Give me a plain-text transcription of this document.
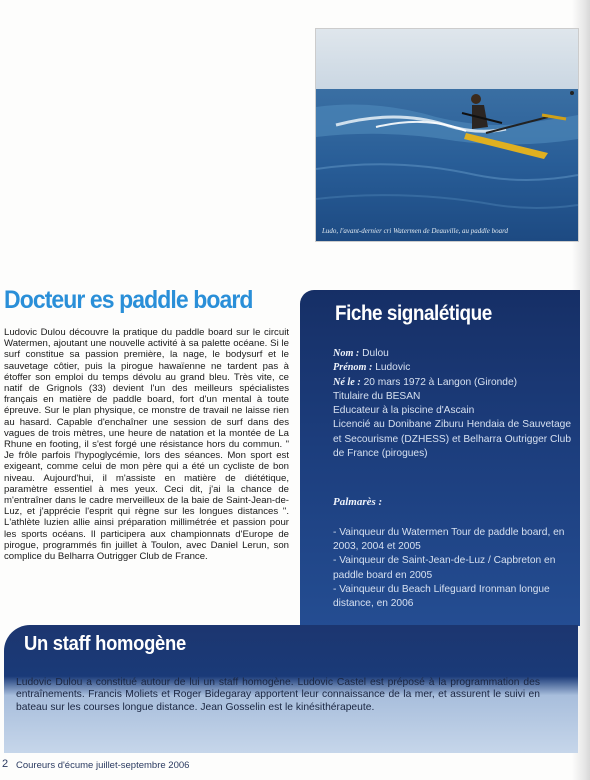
Ludo, l'avant-dernier cri Watermen de Deauville, au paddle board
Docteur es paddle board
Ludovic Dulou découvre la pratique du paddle board sur le circuit Watermen, ajoutant une nouvelle activité à sa palette océane. Si le surf constitue sa passion première, la nage, le bodysurf et le sauvetage côtier, puis la pirogue hawaïenne ne tardent pas à étoffer son emploi du temps dévolu au grand bleu. Très vite, ce natif de Grignols (33) devient l'un des meilleurs spécialistes français en matière de paddle board, fort d'un mental à toute épreuve. Sur le plan physique, ce monstre de travail ne laisse rien au hasard. Capable d'enchaîner une session de surf dans des vagues de trois mètres, une heure de natation et la montée de La Rhune en footing, il s'est forgé une résistance hors du commun. " Je frôle parfois l'hypoglycémie, lors des séances. Mon sport est exigeant, comme celui de mon père qui a été un cycliste de bon niveau. Aujourd'hui, il m'assiste en matière de diététique, paramètre essentiel à mes yeux. Ceci dit, j'ai la chance de m'entraîner dans le cadre merveilleux de la baie de Saint-Jean-de-Luz, et j'apprécie l'esprit qui règne sur les longues distances ". L'athlète luzien allie ainsi préparation millimétrée et passion pour les sports océans. Il participera aux championnats d'Europe de pirogue, programmés fin juillet à Toulon, avec Daniel Lerun, son complice du Belharra Outrigger Club de France.
Fiche signalétique
Nom : Dulou
Prénom : Ludovic
Né le : 20 mars 1972 à Langon (Gironde)
Titulaire du BESAN
Educateur à la piscine d'Ascain
Licencié au Donibane Ziburu Hendaia de Sauvetage et Secourisme (DZHESS) et Belharra Outrigger Club de France (pirogues)
Palmarès :
- Vainqueur du Watermen Tour de paddle board, en 2003, 2004 et 2005
- Vainqueur de Saint-Jean-de-Luz / Capbreton en paddle board en 2005
- Vainqueur du Beach Lifeguard Ironman longue distance, en 2006
Un staff homogène
Ludovic Dulou a constitué autour de lui un staff homogène. Ludovic Castel est préposé à la programmation des entraînements. Francis Moliets et Roger Bidegaray apportent leur connaissance de la mer, et assurent le suivi en bateau sur les courses longue distance. Jean Gosselin est le kinésithérapeute.
2 Coureurs d'écume juillet-septembre 2006
